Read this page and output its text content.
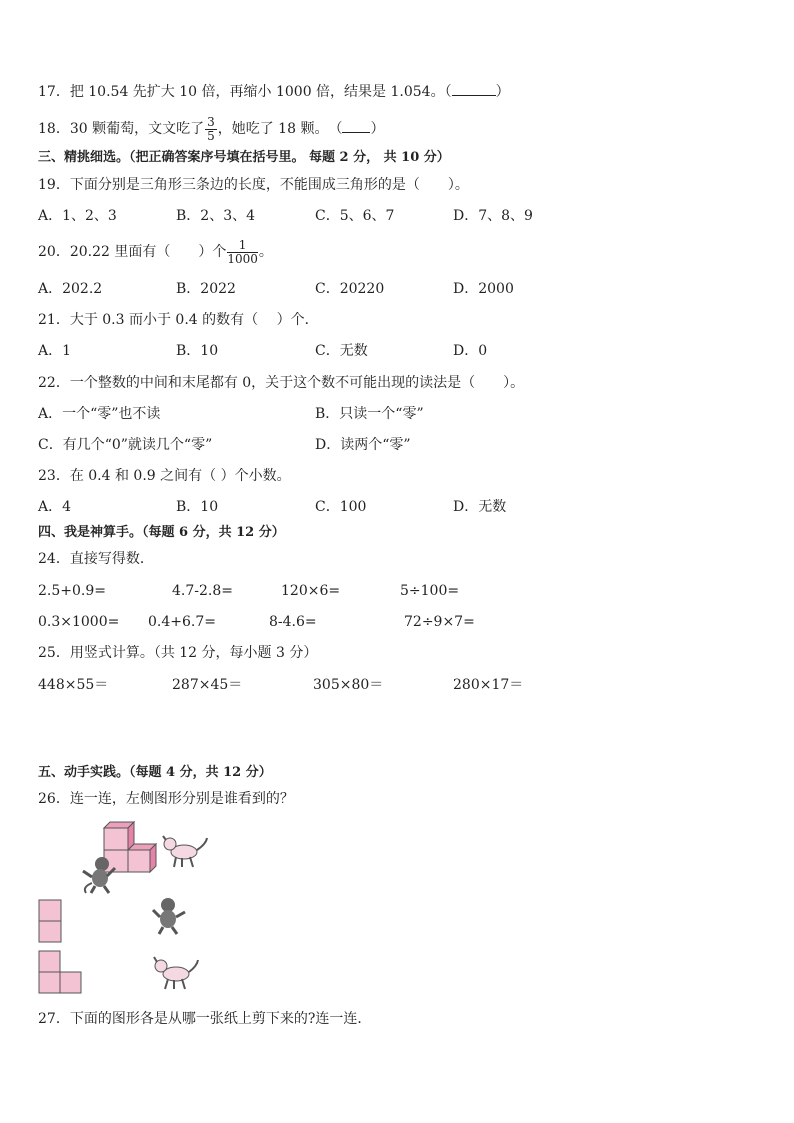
17．把 10.54 先扩大 10 倍，再缩小 1000 倍，结果是 1.054。（	）
18．30 颗葡萄，文文吃了 $\frac{3}{5}$ ，她吃了 18 颗。　 （ ）
三、精挑细选。（把正确答案序号填在括号里。 每题 2 分， 共 10 分）
19．下面分别是三角形三条边的长度，不能围成三角形的是（　　）。
A．1、2、3	B．2、3、4	C．5、6、7	D．7、8、9
20．20.22 里面有（　　）个 $\frac{1}{1000}$ 。
A．202.2	B．2022	C．20220	D．2000
21．大于 0.3 而小于 0.4 的数有（　 ）个．
A．1	B．10	C．无数	D．0
22．一个整数的中间和末尾都有 0，关于这个数不可能出现的读法是（　　）。
A．一个“零”也不读	B．只读一个“零”
C．有几个“0”就读几个“零”	D．读两个“零”
23．在 0.4 和 0.9 之间有（ ）个小数。
A．4	B．10	C．100	D．无数
四、我是神算手。（每题 6 分，共 12 分）
24．直接写得数．
2.5+0.9=	4.7-2.8=	120×6=	5÷100=
0.3×1000= 0.4+6.7=	8-4.6=	72÷9×7=
25．用竖式计算。（共 12 分，每小题 3 分）
448×55＝	287×45＝	305×80＝	280×17＝
五、动手实践。（每题 4 分，共 12 分）
26．连一连，左侧图形分别是谁看到的？
27．下面的图形各是从哪一张纸上剪下来的?连一连．
